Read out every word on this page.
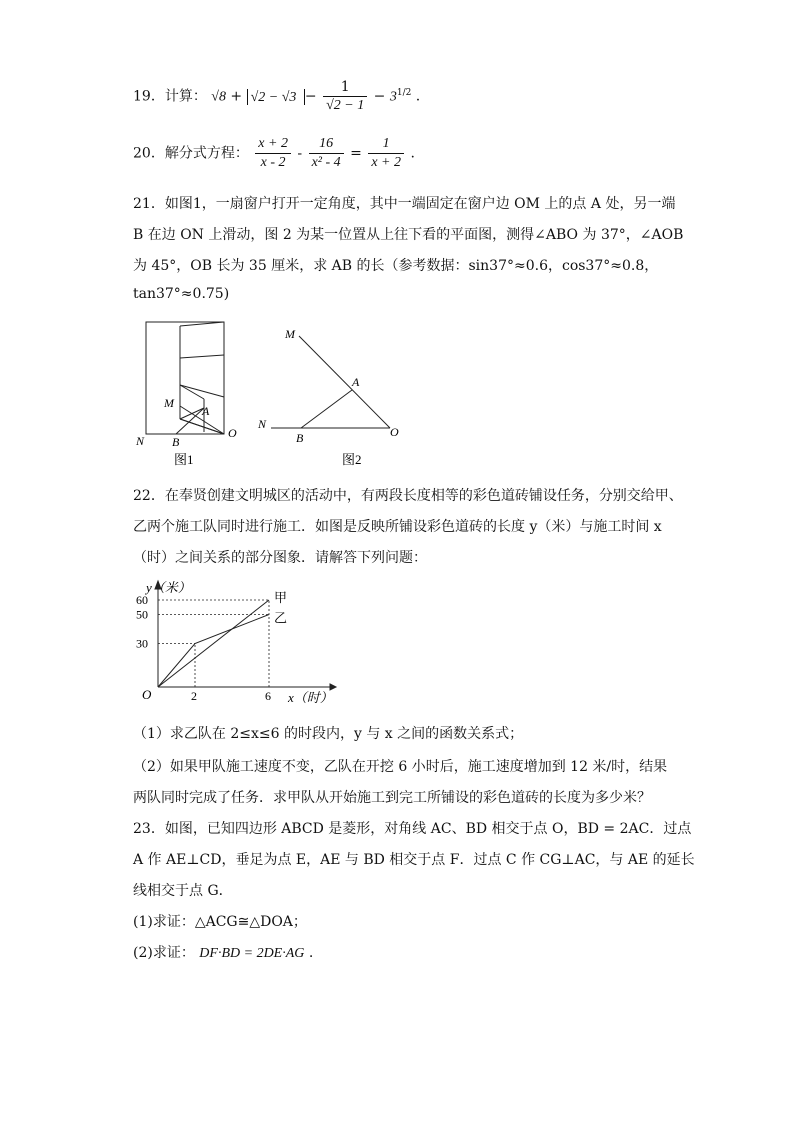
19．计算： $√8 + √2 - √3 - \frac{1}{√2 - 1} - 3^{1/2}$ .
20．解分式方程： $\frac{x + 2}{x - 2} - \frac{16}{\text{x² - 4}} = \frac{1}{x + 2}$ .
21．如图1，一扇窗户打开一定角度，其中一端固定在窗户边 OM 上的点 A 处，另一端
B 在边 ON 上滑动，图 2 为某一位置从上往下看的平面图，测得∠ABO 为 37°，∠AOB
为 45°，OB 长为 35 厘米，求 AB 的长（参考数据：sin37°≈0.6，cos37°≈0.8，
tan37°≈0.75)
M
A
N B
O
图1
M
A
N
B	O
图2
22．在奉贤创建文明城区的活动中，有两段长度相等的彩色道砖铺设任务，分别交给甲、
乙两个施工队同时进行施工．如图是反映所铺设彩色道砖的长度 y（米）与施工时间 x
（时）之间关系的部分图象．请解答下列问题：
60
50
30
2	6
甲
乙
y（米）
x（时）
O
（1）求乙队在 2≤x≤6 的时段内，y 与 x 之间的函数关系式；
（2）如果甲队施工速度不变，乙队在开挖 6 小时后，施工速度增加到 12 米/时，结果
两队同时完成了任务．求甲队从开始施工到完工所铺设的彩色道砖的长度为多少米？
23．如图，已知四边形 ABCD 是菱形，对角线 AC、BD 相交于点 O，BD = 2AC．过点
A 作 AE⊥CD，垂足为点 E，AE 与 BD 相交于点 F．过点 C 作 CG⊥AC，与 AE 的延长
线相交于点 G．
(1)求证：△ACG≅△DOA；
(2)求证： DF·BD = 2DE·AG .
